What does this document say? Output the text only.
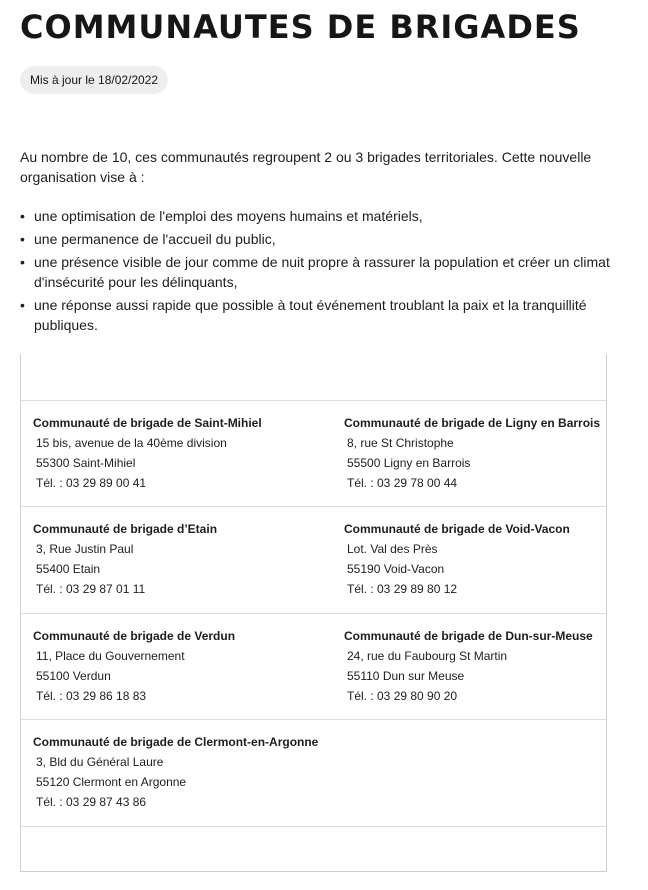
COMMUNAUTES DE BRIGADES
Mis à jour le 18/02/2022

Au nombre de 10, ces communautés regroupent 2 ou 3 brigades territoriales. Cette nouvelle organisation vise à :

• une optimisation de l'emploi des moyens humains et matériels,
• une permanence de l'accueil du public,
• une présence visible de jour comme de nuit propre à rassurer la population et créer un climat d'insécurité pour les délinquants,
• une réponse aussi rapide que possible à tout événement troublant la paix et la tranquillité publiques.
Communauté de brigade de Saint-Mihiel
15 bis, avenue de la 40ème division
55300 Saint-Mihiel
Tél. : 03 29 89 00 41
Communauté de brigade de Ligny en Barrois
8, rue St Christophe
55500 Ligny en Barrois
Tél. : 03 29 78 00 44
Communauté de brigade d’Etain
3, Rue Justin Paul
55400 Etain
Tél. : 03 29 87 01 11
Communauté de brigade de Void-Vacon
Lot. Val des Près
55190 Void-Vacon
Tél. : 03 29 89 80 12
Communauté de brigade de Verdun
11, Place du Gouvernement
55100 Verdun
Tél. : 03 29 86 18 83
Communauté de brigade de Dun-sur-Meuse
24, rue du Faubourg St Martin
55110 Dun sur Meuse
Tél. : 03 29 80 90 20
Communauté de brigade de Clermont-en-Argonne
3, Bld du Général Laure
55120 Clermont en Argonne
Tél. : 03 29 87 43 86
